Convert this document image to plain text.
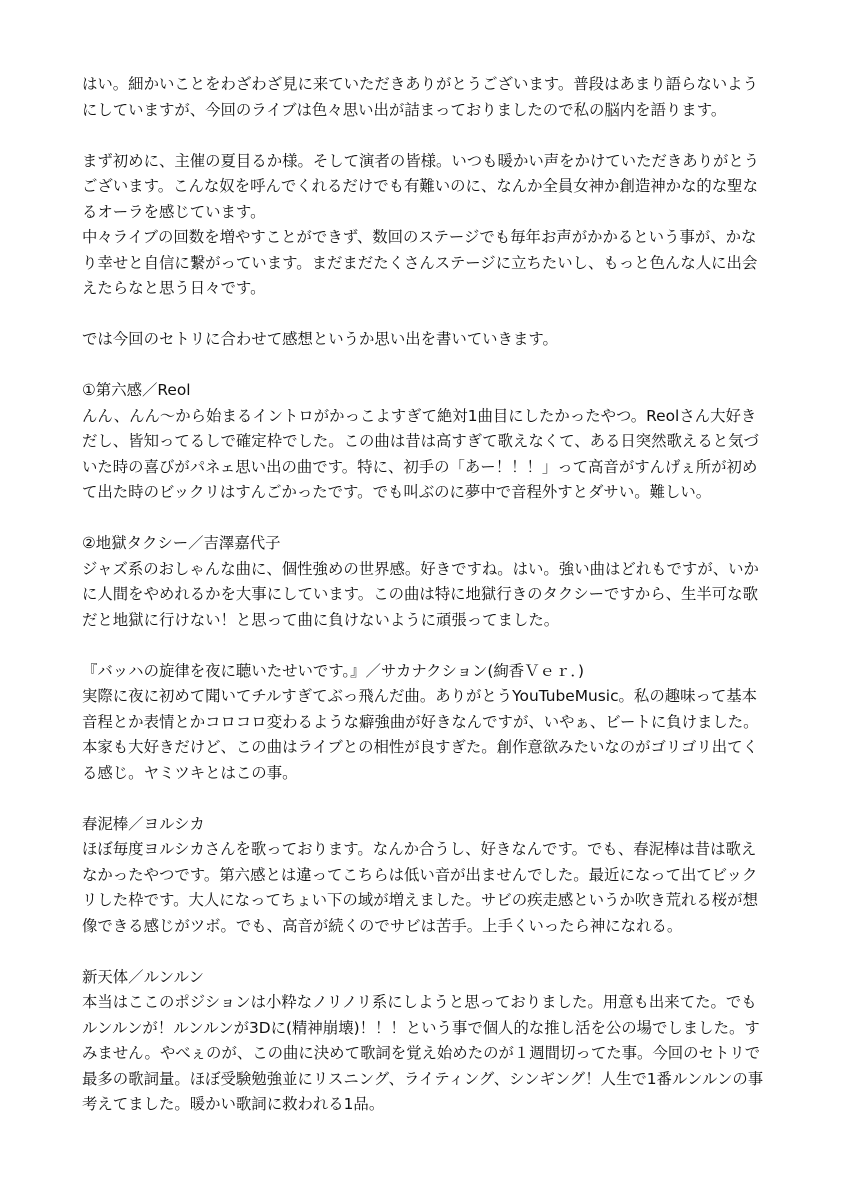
はい。細かいことをわざわざ見に来ていただきありがとうございます。普段はあまり語らないようにしていますが、今回のライブは色々思い出が詰まっておりましたので私の脳内を語ります。

まず初めに、主催の夏目るか様。そして演者の皆様。いつも暖かい声をかけていただきありがとうございます。こんな奴を呼んでくれるだけでも有難いのに、なんか全員女神か創造神かな的な聖なるオーラを感じています。
中々ライブの回数を増やすことができず、数回のステージでも毎年お声がかかるという事が、かなり幸せと自信に繋がっています。まだまだたくさんステージに立ちたいし、もっと色んな人に出会えたらなと思う日々です。

では今回のセトリに合わせて感想というか思い出を書いていきます。

①第六感／Reol

んん、んん〜から始まるイントロがかっこよすぎて絶対1曲目にしたかったやつ。Reolさん大好きだし、皆知ってるしで確定枠でした。この曲は昔は高すぎて歌えなくて、ある日突然歌えると気づいた時の喜びがパネェ思い出の曲です。特に、初手の「あー！！！」って高音がすんげぇ所が初めて出た時のビックリはすんごかったです。でも叫ぶのに夢中で音程外すとダサい。難しい。

②地獄タクシー／吉澤嘉代子

ジャズ系のおしゃんな曲に、個性強めの世界感。好きですね。はい。強い曲はどれもですが、いかに人間をやめれるかを大事にしています。この曲は特に地獄行きのタクシーですから、生半可な歌だと地獄に行けない！と思って曲に負けないように頑張ってました。

『バッハの旋律を夜に聴いたせいです。』／サカナクション(絢香Ｖｅｒ．)

実際に夜に初めて聞いてチルすぎてぶっ飛んだ曲。ありがとうYouTubeMusic。私の趣味って基本音程とか表情とかコロコロ変わるような癖強曲が好きなんですが、いやぁ、ビートに負けました。本家も大好きだけど、この曲はライブとの相性が良すぎた。創作意欲みたいなのがゴリゴリ出てくる感じ。ヤミツキとはこの事。

春泥棒／ヨルシカ

ほぼ毎度ヨルシカさんを歌っております。なんか合うし、好きなんです。でも、春泥棒は昔は歌えなかったやつです。第六感とは違ってこちらは低い音が出ませんでした。最近になって出てビックリした枠です。大人になってちょい下の域が増えました。サビの疾走感というか吹き荒れる桜が想像できる感じがツボ。でも、高音が続くのでサビは苦手。上手くいったら神になれる。

新天体／ルンルン

本当はここのポジションは小粋なノリノリ系にしようと思っておりました。用意も出来てた。でもルンルンが！ルンルンが3Dに(精神崩壊)！！！という事で個人的な推し活を公の場でしました。すみません。やべぇのが、この曲に決めて歌詞を覚え始めたのが１週間切ってた事。今回のセトリで最多の歌詞量。ほぼ受験勉強並にリスニング、ライティング、シンギング！人生で1番ルンルンの事考えてました。暖かい歌詞に救われる1品。
